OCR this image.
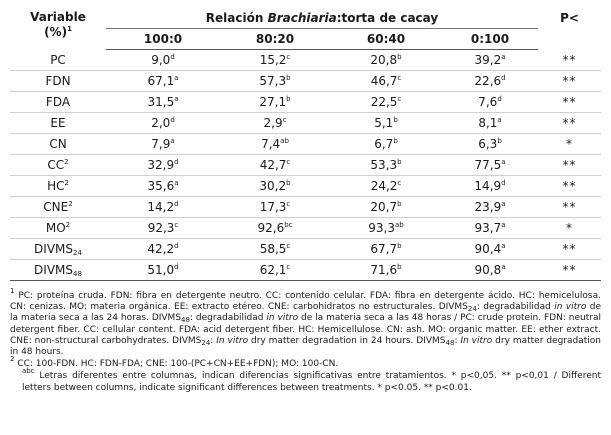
Variable
(%)$^1$	Relación Brachiaria:torta de cacay				P<
	100:0	80:20	60:40	0:100	
PC	9,0$^d$	15,2$^c$	20,8$^b$	39,2$^a$	**
FDN	67,1$^a$	57,3$^b$	46,7$^c$	22,6$^d$	**
FDA	31,5$^a$	27,1$^b$	22,5$^c$	7,6$^d$	**
EE	2,0$^d$	2,9$^c$	5,1$^b$	8,1$^a$	**
CN	7,9$^a$	7,4$^{ab}$	6,7$^b$	6,3$^b$	*
$CC^2$	32,9$^d$	42,7$^c$	53,3$^b$	77,5$^a$	**
$HC^2$	35,6$^a$	30,2$^b$	24,2$^c$	14,9$^d$	**
CNE$^2$	14,2$^d$	17,3$^c$	20,7$^b$	23,9$^a$	**
$MO^2$	92,3$^c$	92,6$^{bc}$	93,3$^{ab}$	93,7$^a$	*
$DIVMS_{24}$	42,2$^d$	58,5$^c$	67,7$^b$	90,4$^a$	**
$DIVMS_{48}$	51,0$^d$	62,1$^c$	71,6$^b$	90,8$^a$	**

$^1$ PC: proteína cruda. FDN: fibra en detergente neutro. CC: contenido celular. FDA: fibra en detergente ácido. HC: hemicelulosa. CN: cenizas. MO: materia orgánica. EE: extracto etéreo. CNE: carbohidratos no estructurales. $DIVMS_{24}$: degradabilidad in vitro de la materia seca a las 24 horas. $DIVMS_{48}$: degradabilidad in vitro de la materia seca a las 48 horas / PC: crude protein. FDN: neutral detergent fiber. CC: cellular content. FDA: acid detergent fiber. HC: Hemicellulose. CN: ash. MO: organic matter. EE: ether extract. CNE: non-structural carbohydrates. $DIVMS_{24}$: In vitro dry matter degradation in 24 hours. $DIVMS_{48}$: In vitro dry matter degradation in 48 hours.

$^2$ CC: 100-FDN. HC: FDN-FDA; CNE: 100-(PC+CN+EE+FDN); MO: 100-CN.

$^{abc}$ Letras diferentes entre columnas, indican diferencias significativas entre tratamientos. * p<0,05. ** p<0,01 / Different letters between columns, indicate significant differences between treatments. * p<0.05. ** p<0.01.
